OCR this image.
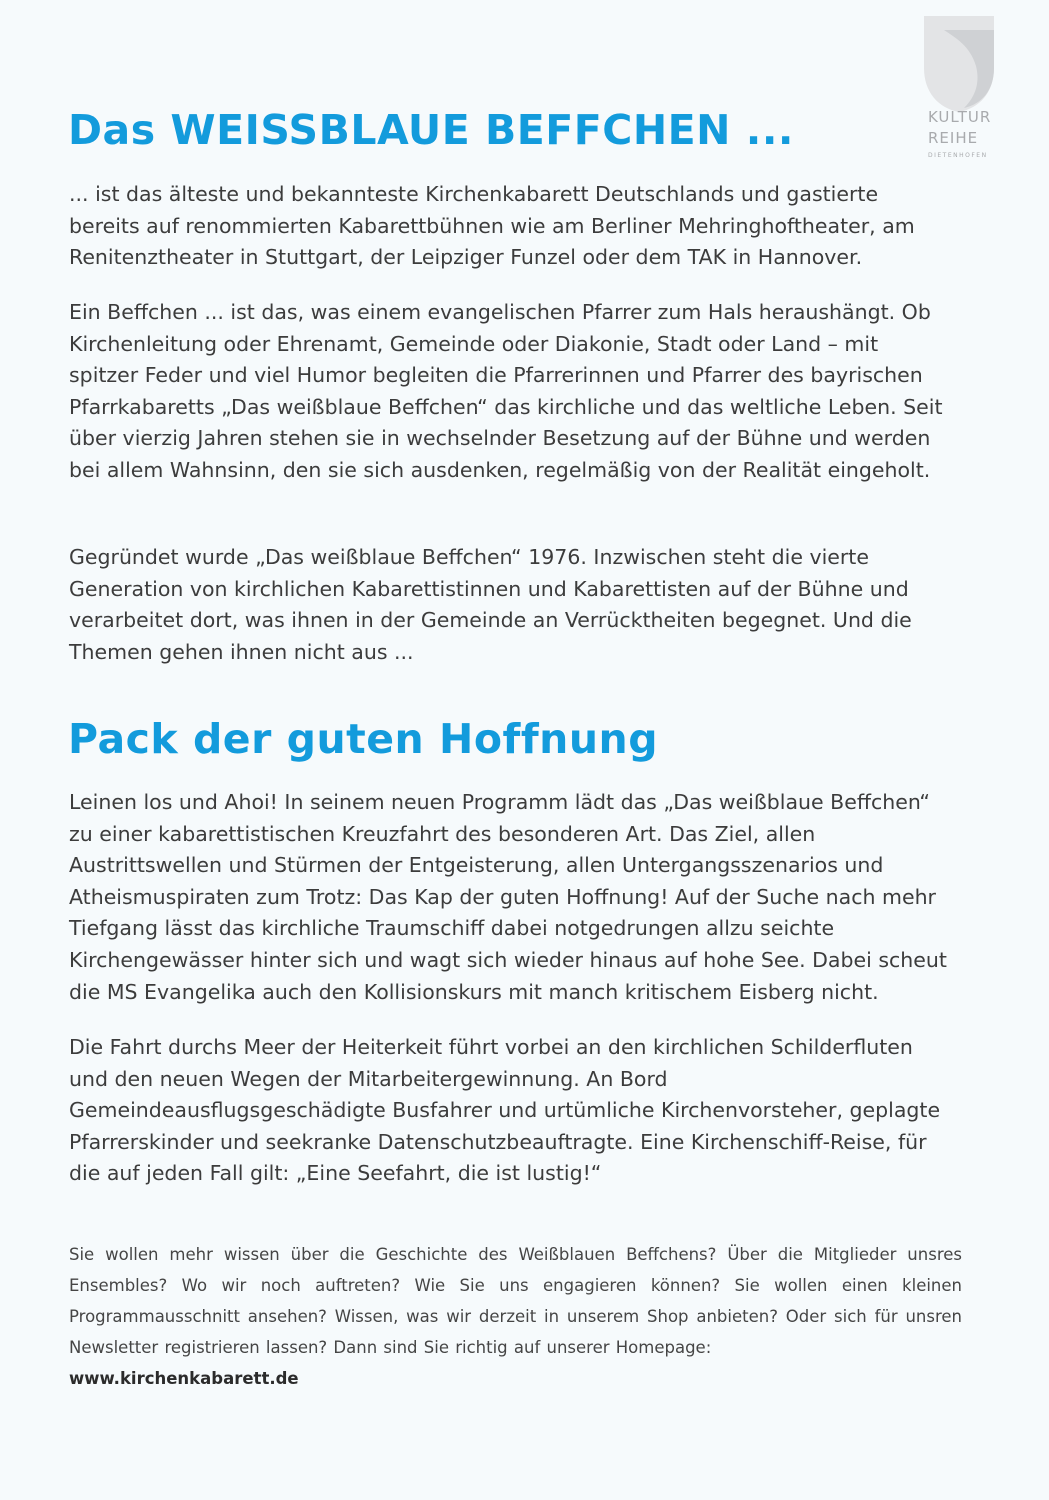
KULTUR
REIHE
DIETENHOFEN
Das WEISSBLAUE BEFFCHEN ...

... ist das älteste und bekannteste Kirchenkabarett Deutschlands und gastierte bereits auf renommierten Kabarettbühnen wie am Berliner Mehringhoftheater, am Renitenztheater in Stuttgart, der Leipziger Funzel oder dem TAK in Hannover.

Ein Beffchen ... ist das, was einem evangelischen Pfarrer zum Hals heraushängt. Ob Kirchenleitung oder Ehrenamt, Gemeinde oder Diakonie, Stadt oder Land – mit spitzer Feder und viel Humor begleiten die Pfarrerinnen und Pfarrer des bayrischen Pfarrkabaretts „Das weißblaue Beffchen“ das kirchliche und das weltliche Leben. Seit über vierzig Jahren stehen sie in wechselnder Besetzung auf der Bühne und werden bei allem Wahnsinn, den sie sich ausdenken, regelmäßig von der Realität eingeholt.

Gegründet wurde „Das weißblaue Beffchen“ 1976. Inzwischen steht die vierte Generation von kirchlichen Kabarettistinnen und Kabarettisten auf der Bühne und verarbeitet dort, was ihnen in der Gemeinde an Verrücktheiten begegnet. Und die Themen gehen ihnen nicht aus ...

Pack der guten Hoffnung

Leinen los und Ahoi! In seinem neuen Programm lädt das „Das weißblaue Beffchen“ zu einer kabarettistischen Kreuzfahrt des besonderen Art. Das Ziel, allen Austrittswellen und Stürmen der Entgeisterung, allen Untergangsszenarios und Atheismuspiraten zum Trotz: Das Kap der guten Hoffnung! Auf der Suche nach mehr Tiefgang lässt das kirchliche Traumschiff dabei notgedrungen allzu seichte Kirchengewässer hinter sich und wagt sich wieder hinaus auf hohe See. Dabei scheut die MS Evangelika auch den Kollisionskurs mit manch kritischem Eisberg nicht.

Die Fahrt durchs Meer der Heiterkeit führt vorbei an den kirchlichen Schilderfluten und den neuen Wegen der Mitarbeitergewinnung. An Bord Gemeindeausflugsgeschädigte Busfahrer und urtümliche Kirchenvorsteher, geplagte Pfarrerskinder und seekranke Datenschutzbeauftragte. Eine Kirchenschiff-Reise, für die auf jeden Fall gilt: „Eine Seefahrt, die ist lustig!“

Sie wollen mehr wissen über die Geschichte des Weißblauen Beffchens? Über die Mitglieder unsres Ensembles? Wo wir noch auftreten? Wie Sie uns engagieren können? Sie wollen einen kleinen Programmausschnitt ansehen? Wissen, was wir derzeit in unserem Shop anbieten? Oder sich für unsren Newsletter registrieren lassen? Dann sind Sie richtig auf unserer Homepage:

www.kirchenkabarett.de
